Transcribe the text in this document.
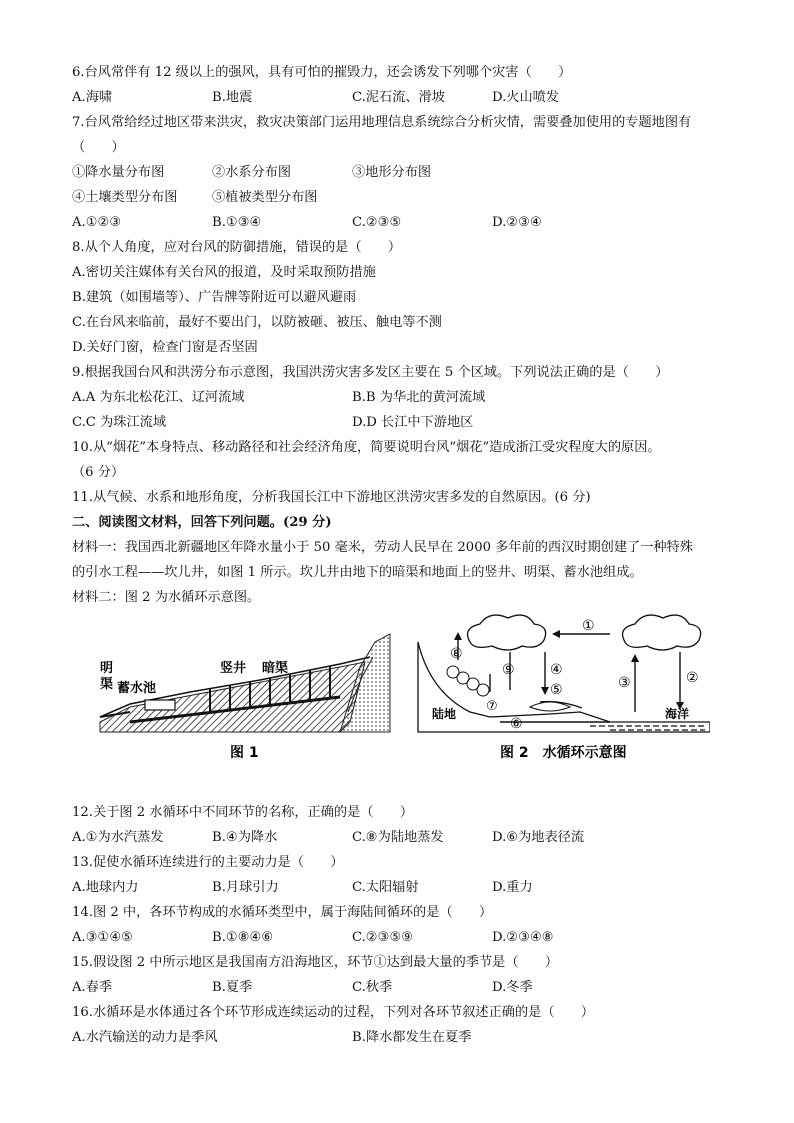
6.台风常伴有 12 级以上的强风，具有可怕的摧毁力，还会诱发下列哪个灾害（　　）
A.海啸	B.地震	C.泥石流、滑坡	D.火山喷发
7.台风常给经过地区带来洪灾，救灾决策部门运用地理信息系统综合分析灾情，需要叠加使用的专题地图有
（　　）
①降水量分布图	②水系分布图	③地形分布图
④土壤类型分布图	⑤植被类型分布图
A.①②③	B.①③④	C.②③⑤	D.②③④
8.从个人角度，应对台风的防御措施，错误的是（　　）
A.密切关注媒体有关台风的报道，及时采取预防措施
B.建筑（如围墙等）、广告牌等附近可以避风避雨
C.在台风来临前，最好不要出门，以防被砸、被压、触电等不测
D.关好门窗，检查门窗是否坚固
9.根据我国台风和洪涝分布示意图，我国洪涝灾害多发区主要在 5 个区域。下列说法正确的是（　　）
A.A 为东北松花江、辽河流域	B.B 为华北的黄河流域
C.C 为珠江流域	D.D 长江中下游地区
10.从“烟花”本身特点、移动路径和社会经济角度，简要说明台风“烟花”造成浙江受灾程度大的原因。
（6 分）
11.从气候、水系和地形角度，分析我国长江中下游地区洪涝灾害多发的自然原因。(6 分)
二、阅读图文材料，回答下列问题。(29 分)
材料一：我国西北新疆地区年降水量小于 50 毫米，劳动人民早在 2000 多年前的西汉时期创建了一种特殊
的引水工程——坎儿井，如图 1 所示。坎儿井由地下的暗渠和地面上的竖井、明渠、蓄水池组成。
材料二：图 2 为水循环示意图。
明
渠 蓄水池
竖井 暗渠
图 1
①
②
③
④
⑤
⑥
⑦
⑧
⑨
陆地	海洋
图 2　水循环示意图
12.关于图 2 水循环中不同环节的名称，正确的是（　　）
A.①为水汽蒸发	B.④为降水	C.⑧为陆地蒸发	D.⑥为地表径流
13.促使水循环连续进行的主要动力是（　　）
A.地球内力	B.月球引力	C.太阳辐射	D.重力
14.图 2 中，各环节构成的水循环类型中，属于海陆间循环的是（　　）
A.③①④⑤	B.①⑧④⑥	C.②③⑤⑨	D.②③④⑧
15.假设图 2 中所示地区是我国南方沿海地区，环节①达到最大量的季节是（　　）
A.春季	B.夏季	C.秋季	D.冬季
16.水循环是水体通过各个环节形成连续运动的过程，下列对各环节叙述正确的是（　　）
A.水汽输送的动力是季风	B.降水都发生在夏季
